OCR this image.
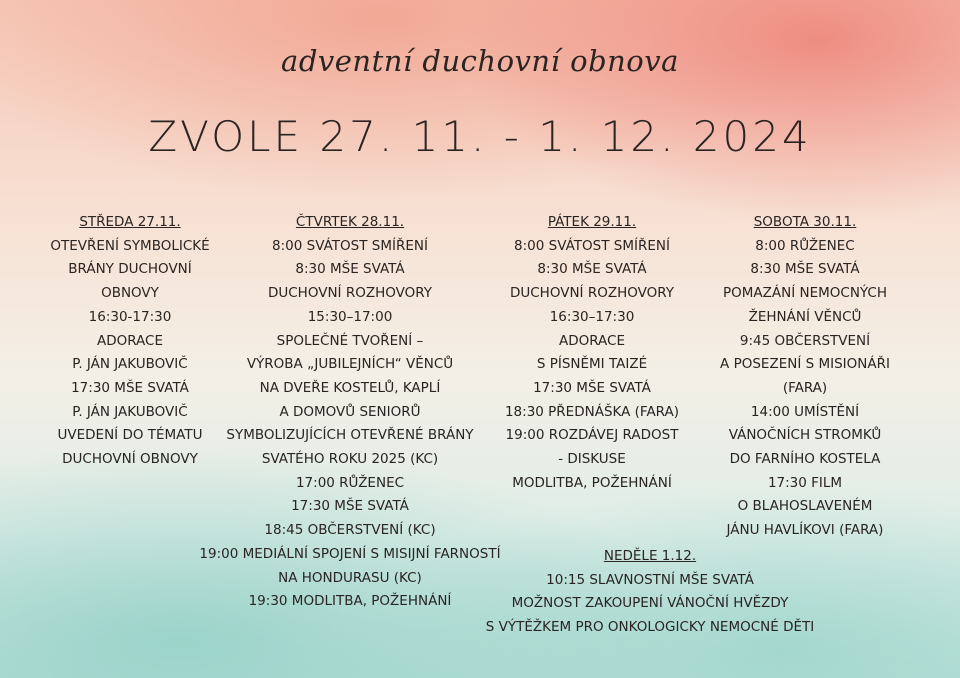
adventní duchovní obnova
ZVOLE 27. 11. - 1. 12. 2024
STŘEDA 27.11.
OTEVŘENÍ SYMBOLICKÉ
BRÁNY DUCHOVNÍ
OBNOVY
16:30-17:30
ADORACE
P. JÁN JAKUBOVIČ
17:30 MŠE SVATÁ
P. JÁN JAKUBOVIČ
UVEDENÍ DO TÉMATU
DUCHOVNÍ OBNOVY
ČTVRTEK 28.11.
8:00 SVÁTOST SMÍŘENÍ
8:30 MŠE SVATÁ
DUCHOVNÍ ROZHOVORY
15:30–17:00
SPOLEČNÉ TVOŘENÍ –
VÝROBA „JUBILEJNÍCH“ VĚNCŮ
NA DVEŘE KOSTELŮ, KAPLÍ
A DOMOVŮ SENIORŮ
SYMBOLIZUJÍCÍCH OTEVŘENÉ BRÁNY
SVATÉHO ROKU 2025 (KC)
17:00 RŮŽENEC
17:30 MŠE SVATÁ
18:45 OBČERSTVENÍ (KC)
19:00 MEDIÁLNÍ SPOJENÍ S MISIJNÍ FARNOSTÍ
NA HONDURASU (KC)
19:30 MODLITBA, POŽEHNÁNÍ
PÁTEK 29.11.
8:00 SVÁTOST SMÍŘENÍ
8:30 MŠE SVATÁ
DUCHOVNÍ ROZHOVORY
16:30–17:30
ADORACE
S PÍSNĚMI TAIZÉ
17:30 MŠE SVATÁ
18:30 PŘEDNÁŠKA (FARA)
19:00 ROZDÁVEJ RADOST
- DISKUSE
MODLITBA, POŽEHNÁNÍ
SOBOTA 30.11.
8:00 RŮŽENEC
8:30 MŠE SVATÁ
POMAZÁNÍ NEMOCNÝCH
ŽEHNÁNÍ VĚNCŮ
9:45 OBČERSTVENÍ
A POSEZENÍ S MISIONÁŘI
(FARA)
14:00 UMÍSTĚNÍ
VÁNOČNÍCH STROMKŮ
DO FARNÍHO KOSTELA
17:30 FILM
O BLAHOSLAVENÉM
JÁNU HAVLÍKOVI (FARA)
NEDĚLE 1.12.
10:15 SLAVNOSTNÍ MŠE SVATÁ
MOŽNOST ZAKOUPENÍ VÁNOČNÍ HVĚZDY
S VÝTĚŽKEM PRO ONKOLOGICKY NEMOCNÉ DĚTI
